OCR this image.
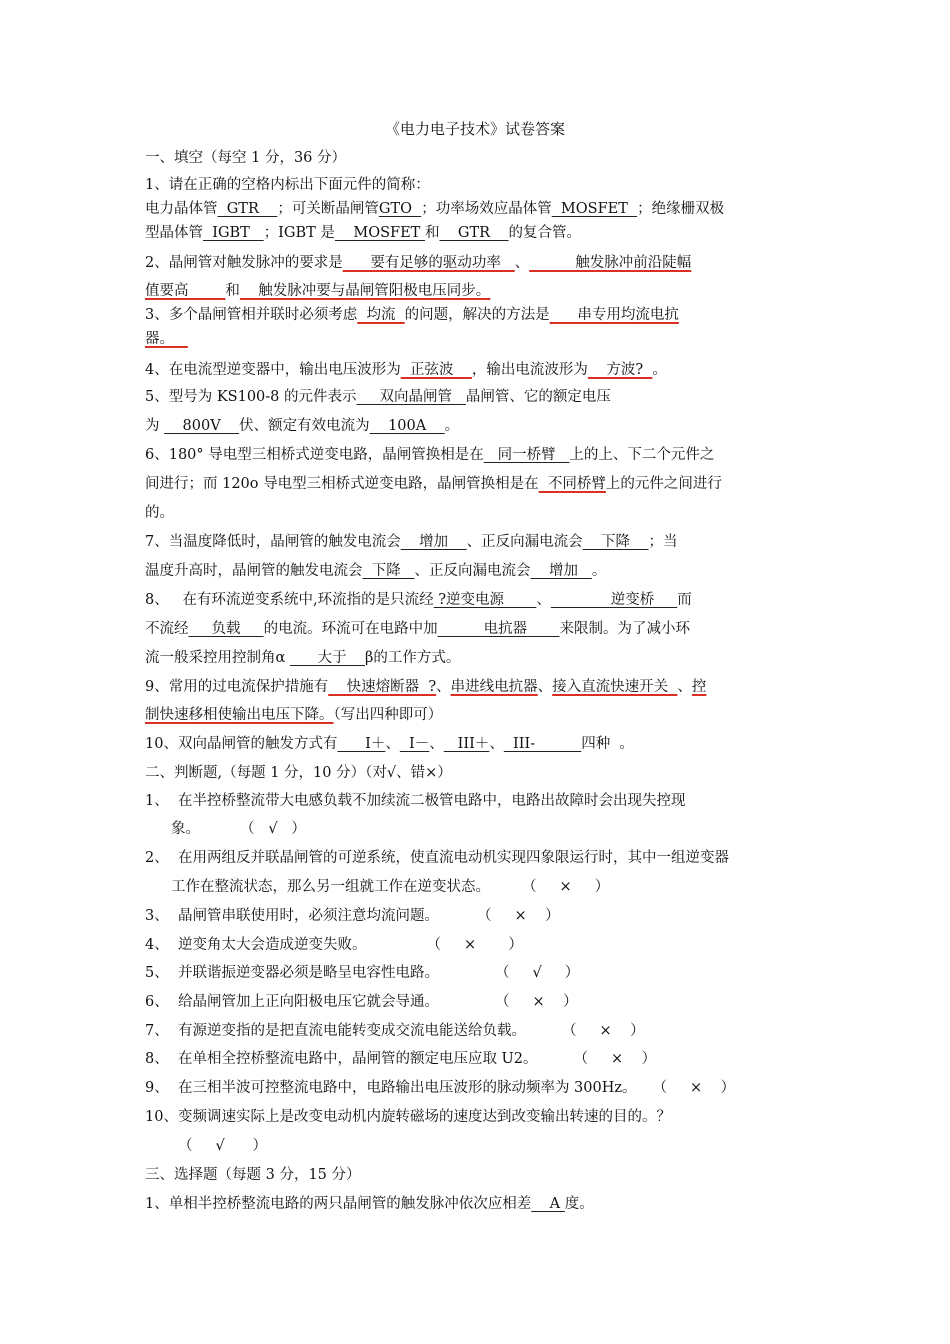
《电力电子技术》试卷答案
一、填空（每空 1 分，36 分）
1、请在正确的空格内标出下面元件的简称：
电力晶体管  GTR    ；可关断晶闸管GTO  ；功率场效应晶体管  MOSFET  ；绝缘栅双极
型晶体管  IGBT   ；IGBT 是    MOSFET 和    GTR    的复合管。
2、晶闸管对触发脉冲的要求是      要有足够的驱动功率   、          触发脉冲前沿陡幅
值要高        和    触发脉冲要与晶闸管阳极电压同步。
3、多个晶闸管相并联时必须考虑  均流  的问题，解决的方法是      串专用均流电抗
器。
4、在电流型逆变器中，输出电压波形为  正弦波    ，输出电流波形为    方波?  。
5、型号为 KS100-8 的元件表示     双向晶闸管   晶闸管、它的额定电压
为     800V    伏、额定有效电流为    100A    。
6、180° 导电型三相桥式逆变电路，晶闸管换相是在   同一桥臂   上的上、下二个元件之
间进行；而 120o 导电型三相桥式逆变电路，晶闸管换相是在  不同桥臂上的元件之间进行
的。
7、当温度降低时，晶闸管的触发电流会    增加    、正反向漏电流会    下降    ；当
温度升高时，晶闸管的触发电流会  下降   、正反向漏电流会    增加   。
8、   在有环流逆变系统中,环流指的是只流经 ?逆变电源       、             逆变桥     而
不流经     负载     的电流。环流可在电路中加          电抗器       来限制。为了减小环
流一般采控用控制角α       大于    β的工作方式。
9、常用的过电流保护措施有    快速熔断器  ?、串进线电抗器、接入直流快速开关  、控
制快速移相使输出电压下降。（写出四种即可）
10、双向晶闸管的触发方式有      I＋、  I－、   III＋、  III-          四种  。
二、判断题,（每题 1 分，10 分）（对√、错×）
1、  在半控桥整流带大电感负载不加续流二极管电路中，电路出故障时会出现失控现
象。	（   √   ）
2、  在用两组反并联晶闸管的可逆系统，使直流电动机实现四象限运行时，其中一组逆变器
工作在整流状态，那么另一组就工作在逆变状态。 （     ×     ）
3、  晶闸管串联使用时，必须注意均流问题。	（     ×    ）
4、  逆变角太大会造成逆变失败。	（     ×       ）
5、  并联谐振逆变器必须是略呈电容性电路。	（     √     ）
6、  给晶闸管加上正向阳极电压它就会导通。	（     ×    ）
7、  有源逆变指的是把直流电能转变成交流电能送给负载。 （     ×    ）
8、  在单相全控桥整流电路中，晶闸管的额定电压应取 U2。 （     ×    ）
9、  在三相半波可控整流电路中，电路输出电压波形的脉动频率为 300Hz。 （     ×    ）
10、变频调速实际上是改变电动机内旋转磁场的速度达到改变输出转速的目的。？
（     √      ）
三、选择题（每题 3 分，15 分）
1、单相半控桥整流电路的两只晶闸管的触发脉冲依次应相差    A 度。
